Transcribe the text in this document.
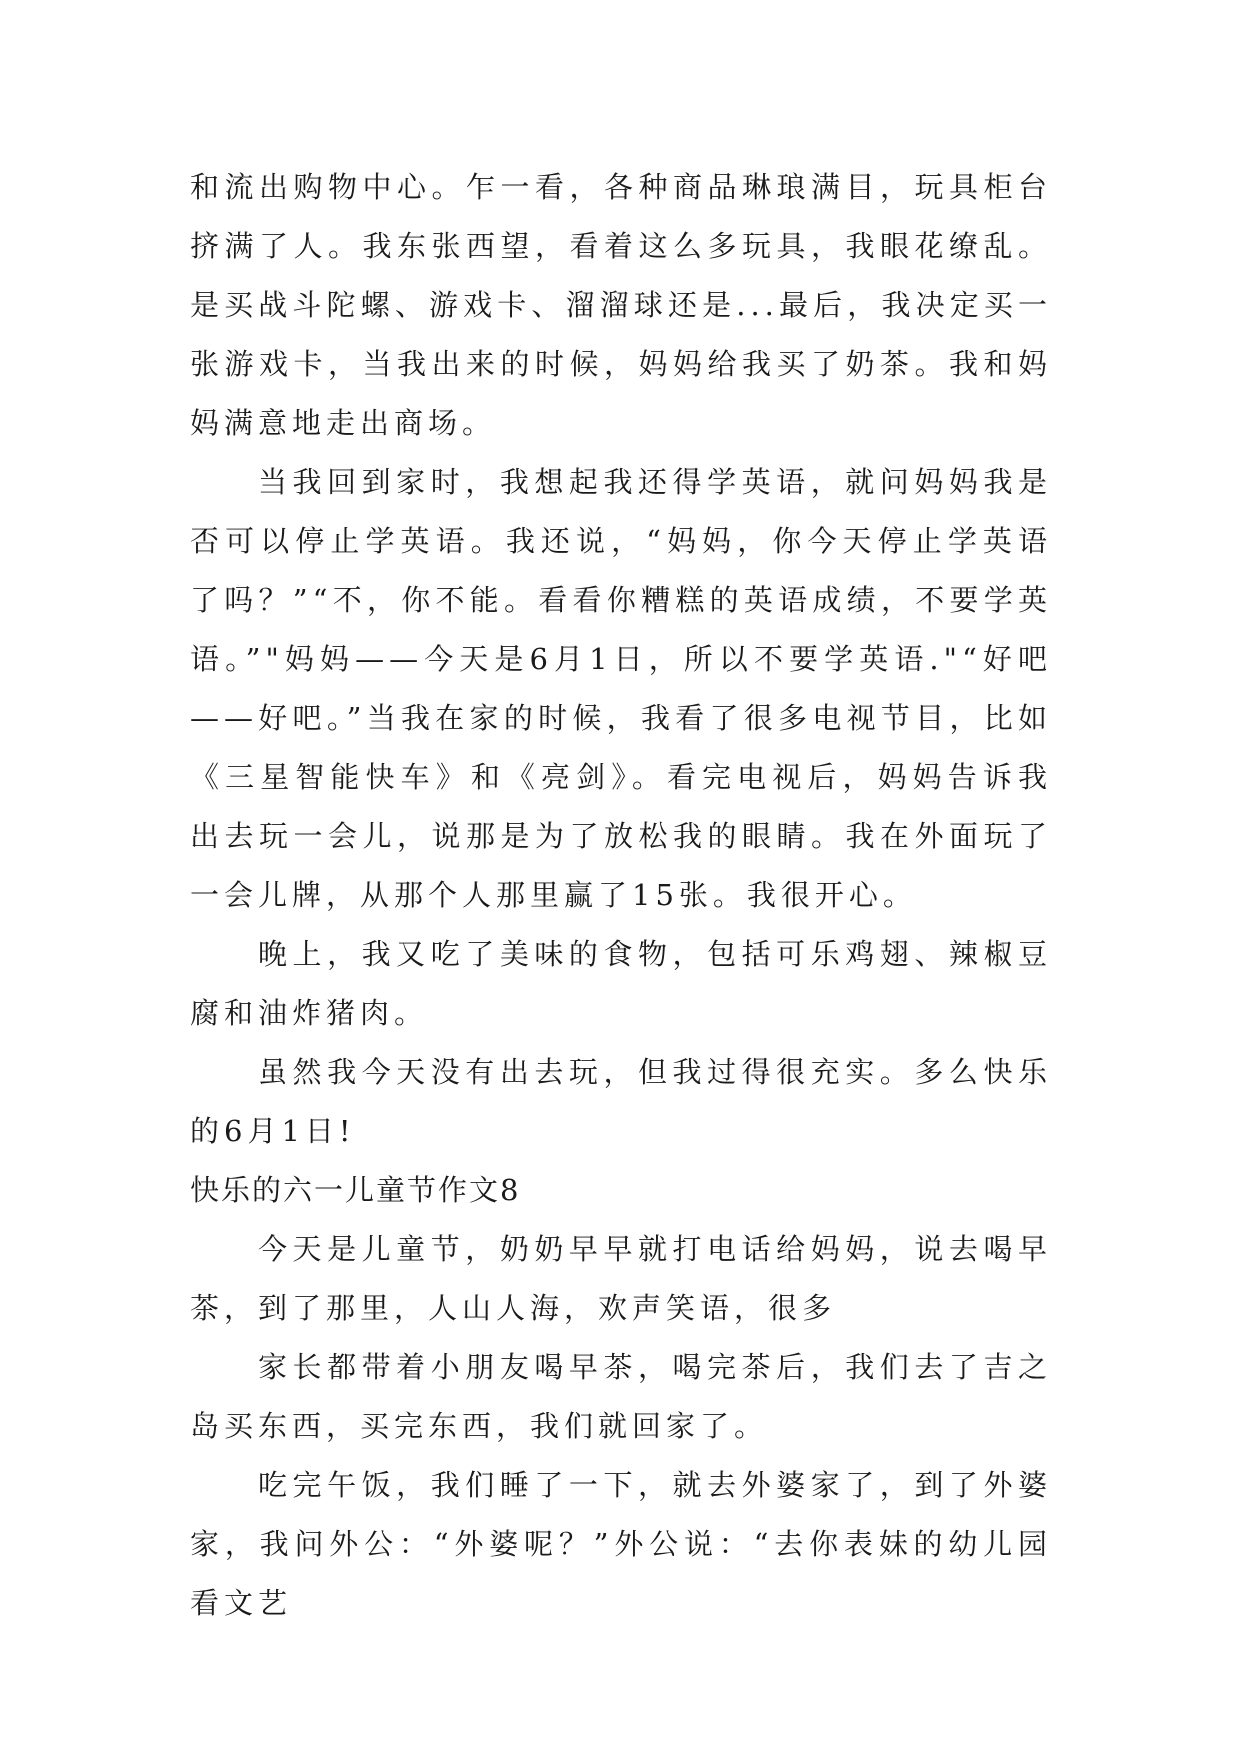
和流出购物中心。乍一看，各种商品琳琅满目，玩具柜台挤满了人。我东张西望，看着这么多玩具，我眼花缭乱。是买战斗陀螺、游戏卡、溜溜球还是...最后，我决定买一张游戏卡，当我出来的时候，妈妈给我买了奶茶。我和妈妈满意地走出商场。

当我回到家时，我想起我还得学英语，就问妈妈我是否可以停止学英语。我还说，“妈妈，你今天停止学英语了吗？”“不，你不能。看看你糟糕的英语成绩，不要学英语。”"妈妈——今天是6月1日，所以不要学英语."“好吧——好吧。”当我在家的时候，我看了很多电视节目，比如《三星智能快车》和《亮剑》。看完电视后，妈妈告诉我出去玩一会儿，说那是为了放松我的眼睛。我在外面玩了一会儿牌，从那个人那里赢了15张。我很开心。

晚上，我又吃了美味的食物，包括可乐鸡翅、辣椒豆腐和油炸猪肉。

虽然我今天没有出去玩，但我过得很充实。多么快乐的6月1日!

快乐的六一儿童节作文8

今天是儿童节，奶奶早早就打电话给妈妈，说去喝早茶，到了那里，人山人海，欢声笑语，很多

家长都带着小朋友喝早茶，喝完茶后，我们去了吉之岛买东西，买完东西，我们就回家了。

吃完午饭，我们睡了一下，就去外婆家了，到了外婆家，我问外公：“外婆呢？”外公说：“去你表妹的幼儿园看文艺
